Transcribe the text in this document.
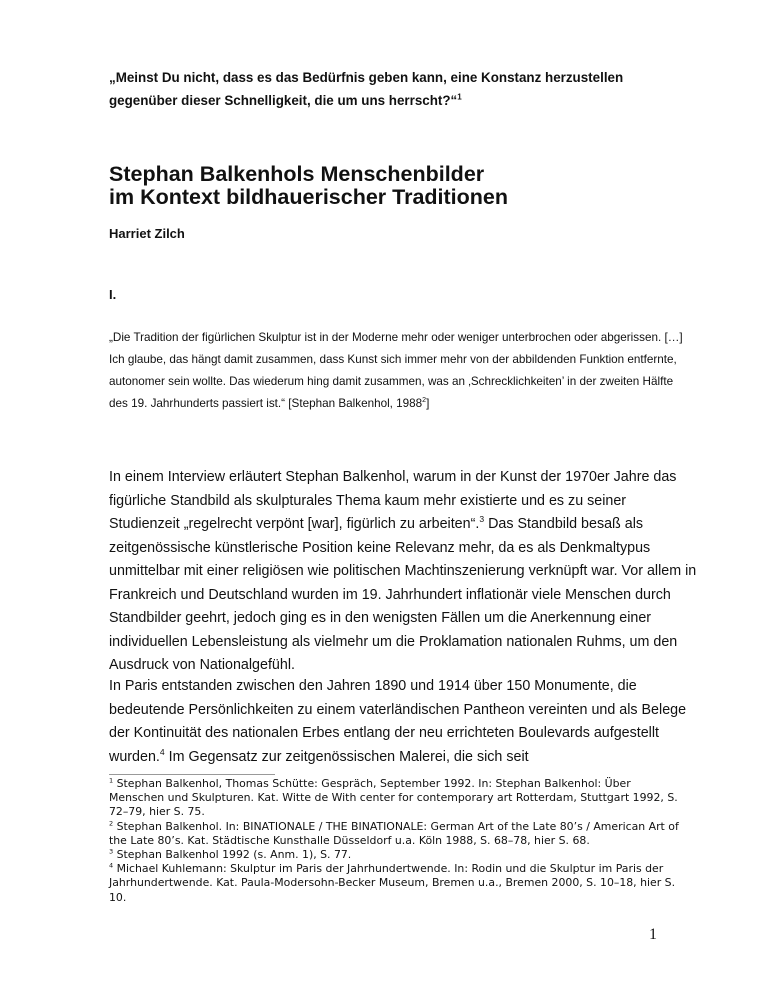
„Meinst Du nicht, dass es das Bedürfnis geben kann, eine Konstanz herzustellen gegenüber dieser Schnelligkeit, die um uns herrscht?“$^1$
Stephan Balkenhols Menschenbilder
im Kontext bildhauerischer Traditionen
Harriet Zilch
I.
„Die Tradition der figürlichen Skulptur ist in der Moderne mehr oder weniger unterbrochen oder abgerissen. […] Ich glaube, das hängt damit zusammen, dass Kunst sich immer mehr von der abbildenden Funktion entfernte, autonomer sein wollte. Das wiederum hing damit zusammen, was an ‚Schrecklichkeiten’ in der zweiten Hälfte des 19. Jahrhunderts passiert ist.“ [Stephan Balkenhol, 1988$^2$]

In einem Interview erläutert Stephan Balkenhol, warum in der Kunst der 1970er Jahre das figürliche Standbild als skulpturales Thema kaum mehr existierte und es zu seiner Studienzeit „regelrecht verpönt [war], figürlich zu arbeiten“.$^3$ Das Standbild besaß als zeitgenössische künstlerische Position keine Relevanz mehr, da es als Denkmaltypus unmittelbar mit einer religiösen wie politischen Machtinszenierung verknüpft war. Vor allem in Frankreich und Deutschland wurden im 19. Jahrhundert inflationär viele Menschen durch Standbilder geehrt, jedoch ging es in den wenigsten Fällen um die Anerkennung einer individuellen Lebensleistung als vielmehr um die Proklamation nationalen Ruhms, um den Ausdruck von Nationalgefühl.

In Paris entstanden zwischen den Jahren 1890 und 1914 über 150 Monumente, die bedeutende Persönlichkeiten zu einem vaterländischen Pantheon vereinten und als Belege der Kontinuität des nationalen Erbes entlang der neu errichteten Boulevards aufgestellt wurden.$^4$ Im Gegensatz zur zeitgenössischen Malerei, die sich seit

$^1$ Stephan Balkenhol, Thomas Schütte: Gespräch, September 1992. In: Stephan Balkenhol: Über Menschen und Skulpturen. Kat. Witte de With center for contemporary art Rotterdam, Stuttgart 1992, S. 72–79, hier S. 75.

$^2$ Stephan Balkenhol. In: BINATIONALE / THE BINATIONALE: German Art of the Late 80’s / American Art of the Late 80’s. Kat. Städtische Kunsthalle Düsseldorf u.a. Köln 1988, S. 68–78, hier S. 68.

$^3$ Stephan Balkenhol 1992 (s. Anm. 1), S. 77.

$^4$ Michael Kuhlemann: Skulptur im Paris der Jahrhundertwende. In: Rodin und die Skulptur im Paris der Jahrhundertwende. Kat. Paula-Modersohn-Becker Museum, Bremen u.a., Bremen 2000, S. 10–18, hier S. 10.

1
